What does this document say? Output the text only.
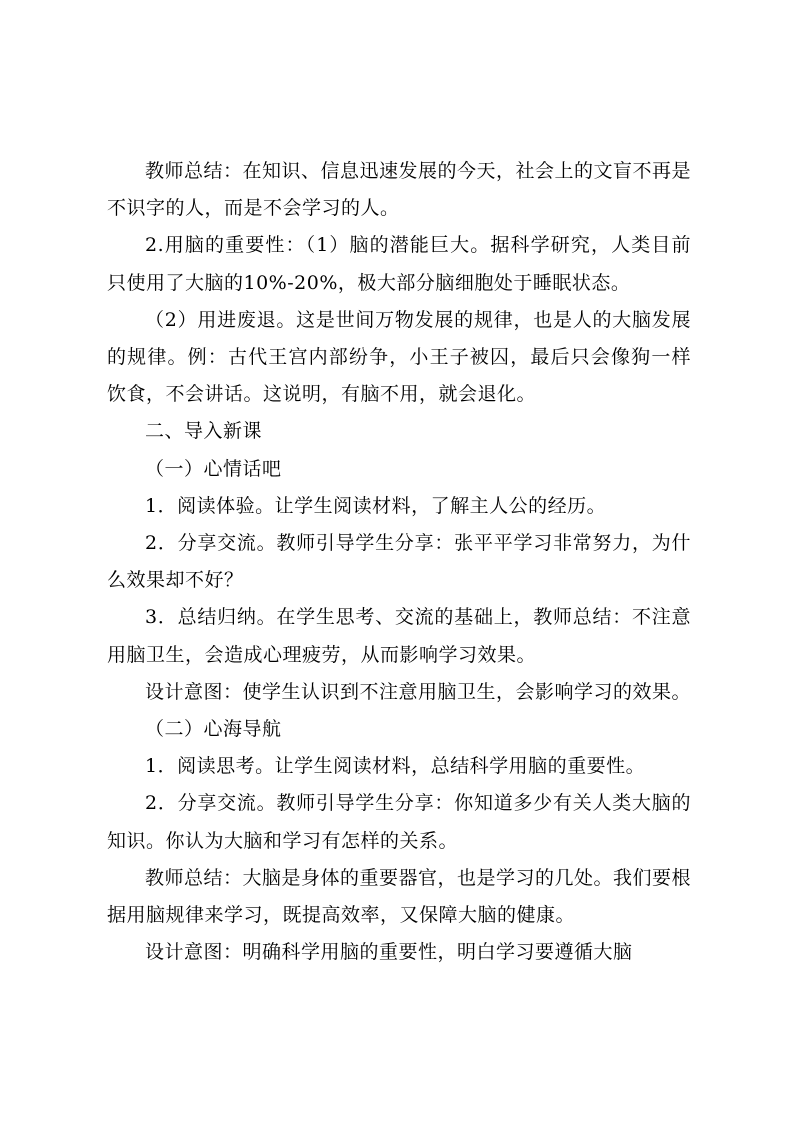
教师总结：在知识、信息迅速发展的今天，社会上的文盲不再是不识字的人，而是不会学习的人。

2.用脑的重要性：（1）脑的潜能巨大。据科学研究，人类目前只使用了大脑的10%-20%，极大部分脑细胞处于睡眠状态。

（2）用进废退。这是世间万物发展的规律，也是人的大脑发展的规律。例：古代王宫内部纷争，小王子被囚，最后只会像狗一样饮食，不会讲话。这说明，有脑不用，就会退化。

二、导入新课

（一）心情话吧

1．阅读体验。让学生阅读材料，了解主人公的经历。

2．分享交流。教师引导学生分享：张平平学习非常努力，为什么效果却不好？

3．总结归纳。在学生思考、交流的基础上，教师总结：不注意用脑卫生，会造成心理疲劳，从而影响学习效果。

设计意图：使学生认识到不注意用脑卫生，会影响学习的效果。

（二）心海导航

1．阅读思考。让学生阅读材料，总结科学用脑的重要性。

2．分享交流。教师引导学生分享：你知道多少有关人类大脑的知识。你认为大脑和学习有怎样的关系。

教师总结：大脑是身体的重要器官，也是学习的几处。我们要根据用脑规律来学习，既提高效率，又保障大脑的健康。

设计意图：明确科学用脑的重要性，明白学习要遵循大脑
